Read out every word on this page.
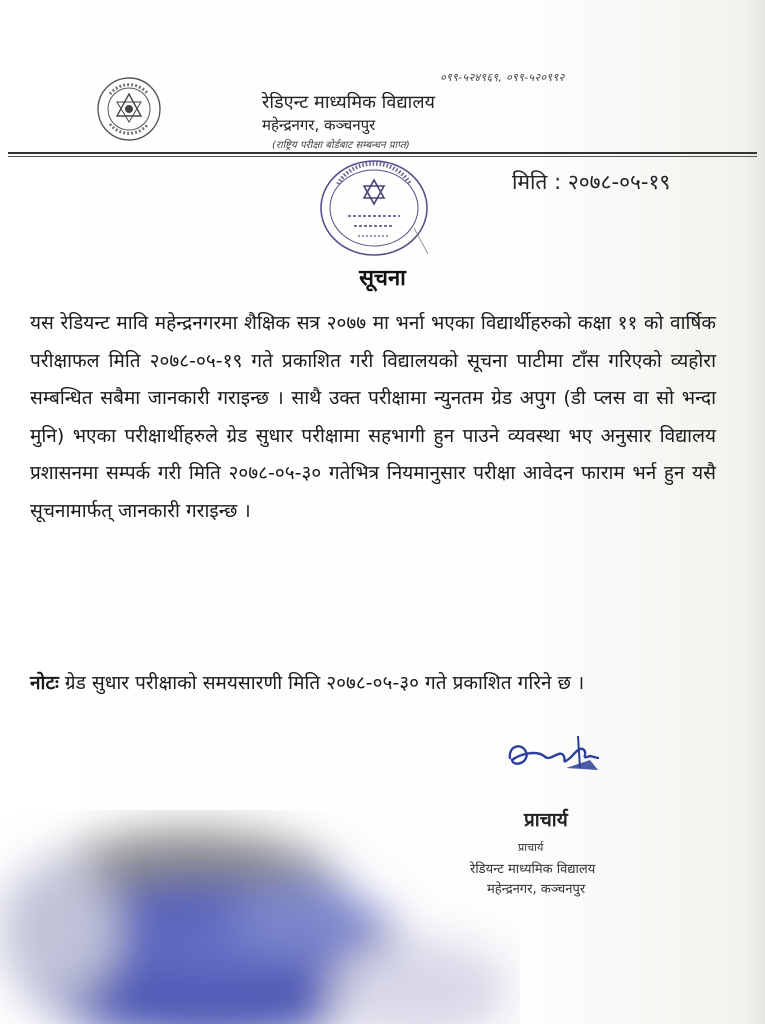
०९९-५२४९६९, ०९९-५२०९९२
रेडिएन्ट माध्यमिक विद्यालय
महेन्द्रनगर, कञ्चनपुर
(राष्ट्रिय परीक्षा बोर्डबाट सम्बन्धन प्राप्त)
मिति : २०७८-०५-१९
सूचना
यस रेडियन्ट मावि महेन्द्रनगरमा शैक्षिक सत्र २०७७ मा भर्ना भएका विद्यार्थीहरुको कक्षा ११ को वार्षिक परीक्षाफल मिति २०७८-०५-१९ गते प्रकाशित गरी विद्यालयको सूचना पाटीमा टाँस गरिएको व्यहोरा सम्बन्धित सबैमा जानकारी गराइन्छ । साथै उक्त परीक्षामा न्युनतम ग्रेड अपुग (डी प्लस वा सो भन्दा मुनि) भएका परीक्षार्थीहरुले ग्रेड सुधार परीक्षामा सहभागी हुन पाउने व्यवस्था भए अनुसार विद्यालय प्रशासनमा सम्पर्क गरी मिति २०७८-०५-३० गतेभित्र नियमानुसार परीक्षा आवेदन फाराम भर्न हुन यसै सूचनामार्फत् जानकारी गराइन्छ ।
नोटः ग्रेड सुधार परीक्षाको समयसारणी मिति २०७८-०५-३० गते प्रकाशित गरिने छ ।
प्राचार्य
प्राचार्य
रेडियन्ट माध्यमिक विद्यालय
महेन्द्रनगर, कञ्चनपुर
